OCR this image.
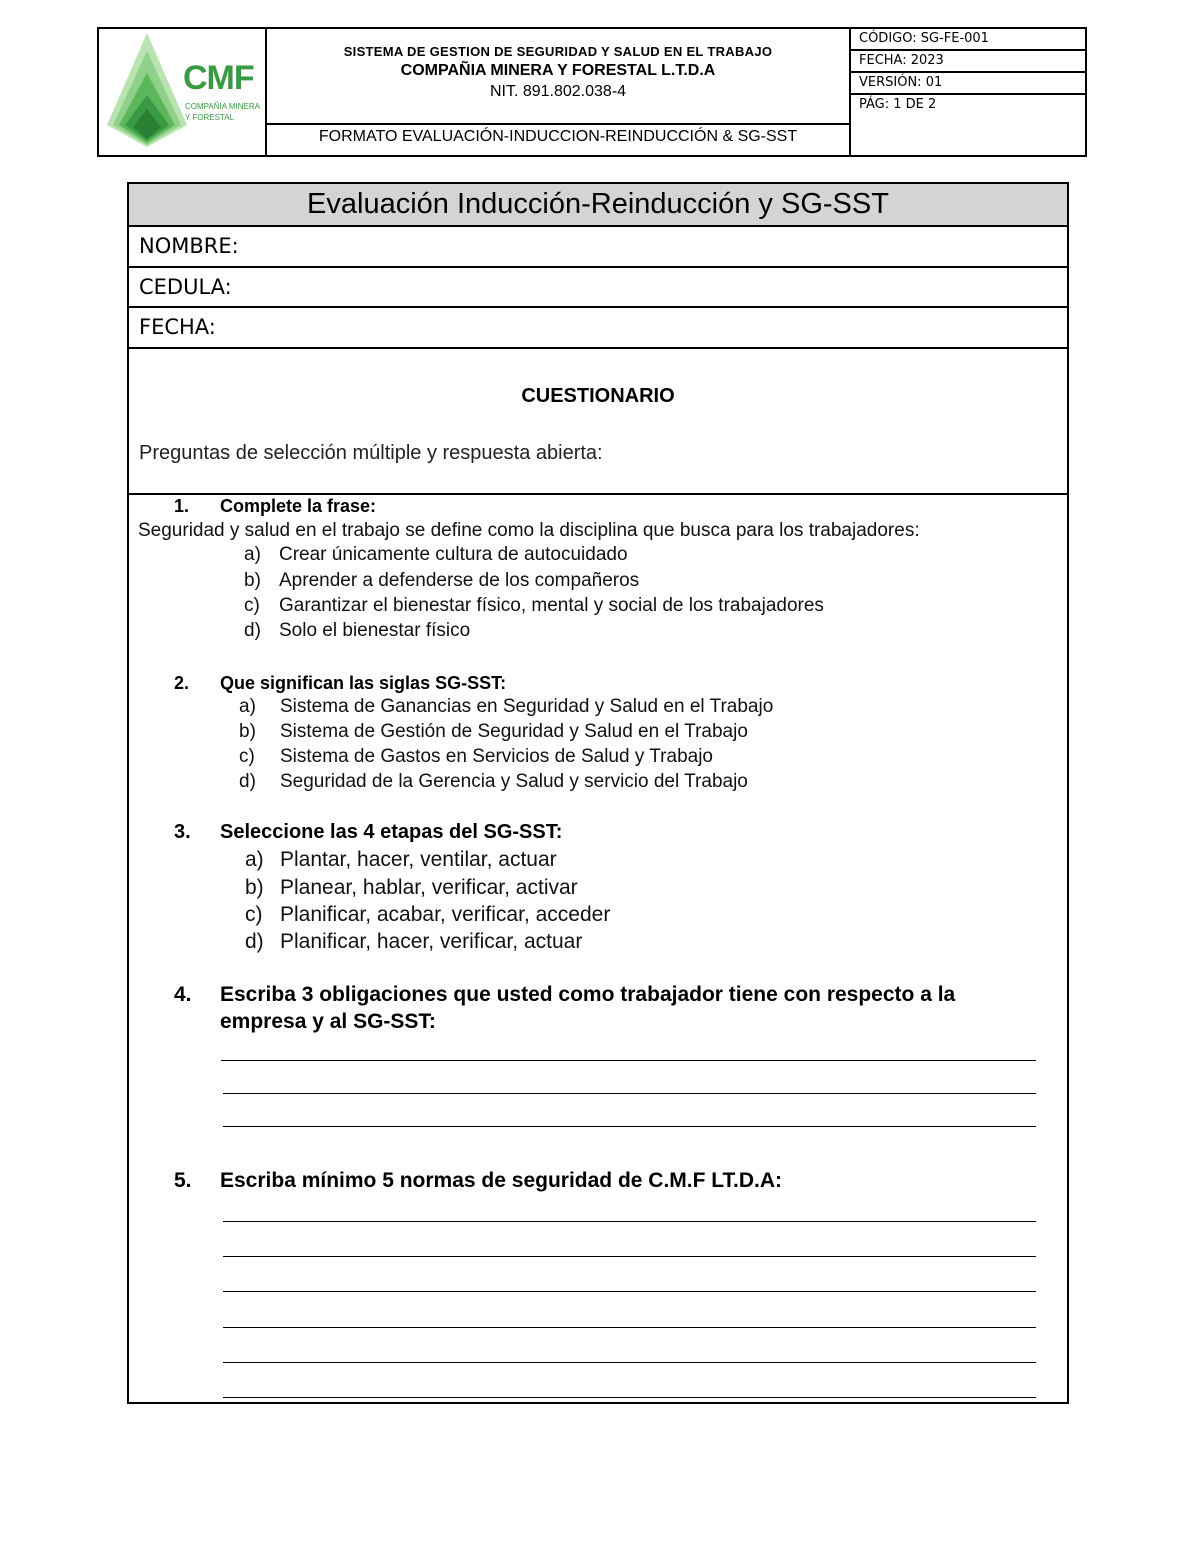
CMF
COMPAÑÍA MINERA
Y FORESTAL
SISTEMA DE GESTION DE SEGURIDAD Y SALUD EN EL TRABAJO
COMPAÑIA MINERA Y FORESTAL L.T.D.A
NIT. 891.802.038-4
FORMATO EVALUACIÓN-INDUCCION-REINDUCCIÓN & SG-SST
CÓDIGO: SG-FE-001
FECHA: 2023
VERSIÓN: 01
PÁG: 1 DE 2
Evaluación Inducción-Reinducción y SG-SST
NOMBRE:
CEDULA:
FECHA:
CUESTIONARIO
Preguntas de selección múltiple y respuesta abierta:
1. Complete la frase:
Seguridad y salud en el trabajo se define como la disciplina que busca para los trabajadores:
a) Crear únicamente cultura de autocuidado
b) Aprender a defenderse de los compañeros
c) Garantizar el bienestar físico, mental y social de los trabajadores
d) Solo el bienestar físico
2. Que significan las siglas SG-SST:
a) Sistema de Ganancias en Seguridad y Salud en el Trabajo
b) Sistema de Gestión de Seguridad y Salud en el Trabajo
c) Sistema de Gastos en Servicios de Salud y Trabajo
d) Seguridad de la Gerencia y Salud y servicio del Trabajo
3. Seleccione las 4 etapas del SG-SST:
a) Plantar, hacer, ventilar, actuar
b) Planear, hablar, verificar, activar
c) Planificar, acabar, verificar, acceder
d) Planificar, hacer, verificar, actuar
4. Escriba 3 obligaciones que usted como trabajador tiene con respecto a la
empresa y al SG-SST:
5. Escriba mínimo 5 normas de seguridad de C.M.F LT.D.A:
